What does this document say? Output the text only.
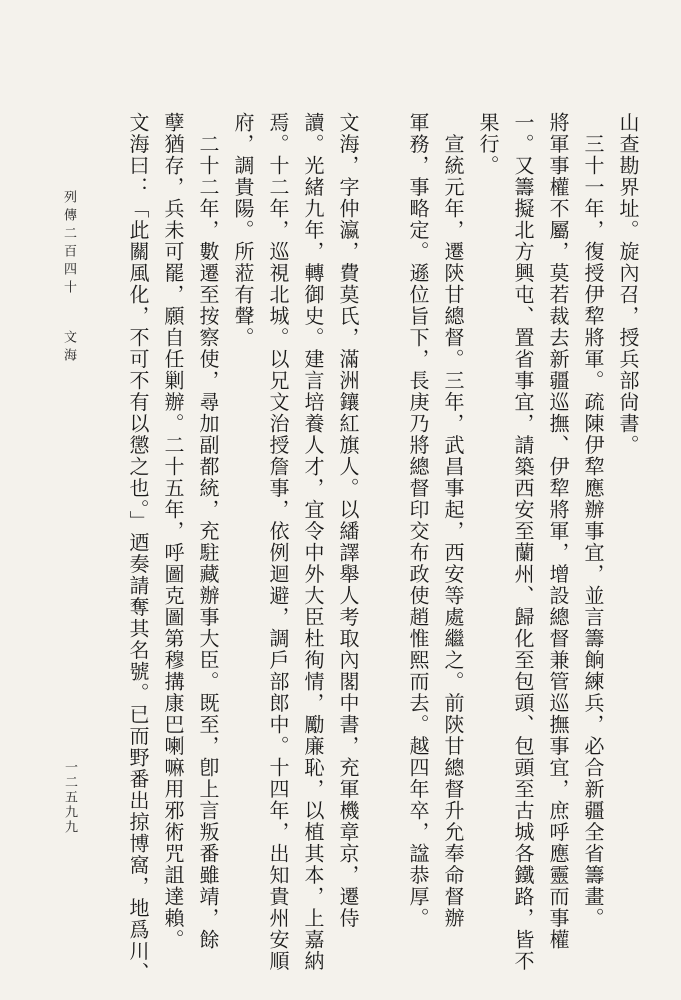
山查勘界址。旋內召，授兵部尙書。
　三十一年，復授伊犂將軍。疏陳伊犂應辦事宜，並言籌餉練兵，必合新疆全省籌畫。
將軍事權不屬，莫若裁去新疆巡撫、伊犂將軍，增設總督兼管巡撫事宜，庶呼應靈而事權
一。又籌擬北方興屯、置省事宜，請築西安至蘭州、歸化至包頭、包頭至古城各鐵路，皆不
果行。
　宣統元年，遷陝甘總督。三年，武昌事起，西安等處繼之。前陝甘總督升允奉命督辦
軍務，事略定。遜位旨下，長庚乃將總督印交布政使趙惟熙而去。越四年卒，諡恭厚。
文海，字仲瀛，費莫氏，滿洲鑲紅旗人。以繙譯舉人考取內閣中書，充軍機章京，遷侍
讀。光緒九年，轉御史。建言培養人才，宜令中外大臣杜徇情，勵廉恥，以植其本，上嘉納
焉。十二年，巡視北城。以兄文治授詹事，依例迴避，調戶部郎中。十四年，出知貴州安順
府，調貴陽。所蒞有聲。
　二十二年，數遷至按察使，尋加副都統，充駐藏辦事大臣。既至，卽上言叛番雖靖，餘
孽猶存，兵未可罷，願自任剿辦。二十五年，呼圖克圖第穆搆康巴喇嘛用邪術咒詛達賴。
文海曰：「此關風化，不可不有以懲之也。」迺奏請奪其名號。已而野番出掠博窩，地爲川、
列傳二百四十
文海
一二五九九
